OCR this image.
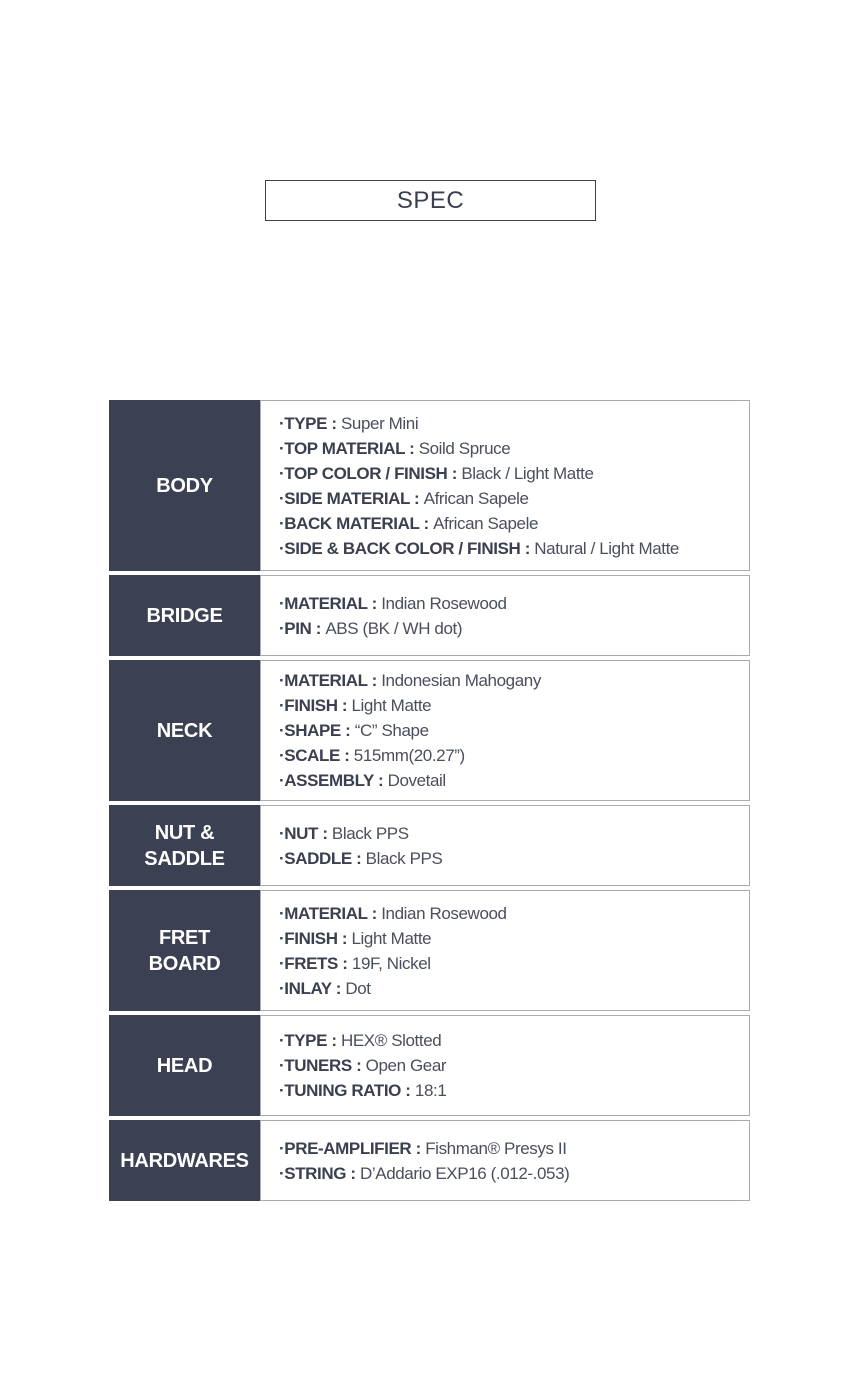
SPEC
BODY
·TYPE : Super Mini
·TOP MATERIAL : Soild Spruce
·TOP COLOR / FINISH : Black / Light Matte
·SIDE MATERIAL : African Sapele
·BACK MATERIAL : African Sapele
·SIDE & BACK COLOR / FINISH : Natural / Light Matte
BRIDGE
·MATERIAL : Indian Rosewood
·PIN : ABS (BK / WH dot)
NECK
·MATERIAL : Indonesian Mahogany
·FINISH : Light Matte
·SHAPE : “C” Shape
·SCALE : 515mm(20.27”)
·ASSEMBLY : Dovetail
NUT &
SADDLE
·NUT : Black PPS
·SADDLE : Black PPS
FRET
BOARD
·MATERIAL : Indian Rosewood
·FINISH : Light Matte
·FRETS : 19F, Nickel
·INLAY : Dot
HEAD
·TYPE : HEX® Slotted
·TUNERS : Open Gear
·TUNING RATIO : 18:1
HARDWARES
·PRE-AMPLIFIER : Fishman® Presys II
·STRING : D’Addario EXP16 (.012-.053)
